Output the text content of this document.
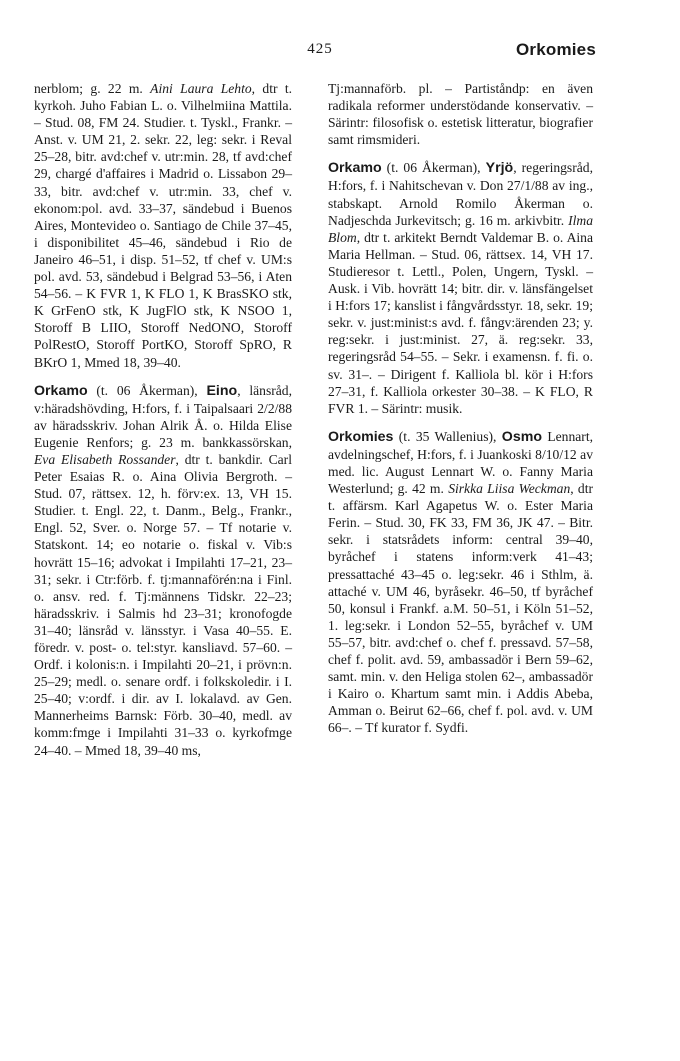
425	Orkomies

nerblom; g. 22 m. Aini Laura Lehto, dtr t. kyrkoh. Juho Fabian L. o. Vilhelmiina Mattila. – Stud. 08, FM 24. Studier. t. Tyskl., Frankr. – Anst. v. UM 21, 2. sekr. 22, leg: sekr. i Reval 25–28, bitr. avd:chef v. utr:min. 28, tf avd:chef 29, chargé d'affaires i Madrid o. Lissabon 29–33, bitr. avd:chef v. utr:min. 33, chef v. ekonom:pol. avd. 33–37, sändebud i Buenos Aires, Montevideo o. Santiago de Chile 37–45, i disponibilitet 45–46, sändebud i Rio de Janeiro 46–51, i disp. 51–52, tf chef v. UM:s pol. avd. 53, sändebud i Belgrad 53–56, i Aten 54–56. – K FVR 1, K FLO 1, K BrasSKO stk, K GrFenO stk, K JugFlO stk, K NSOO 1, Storoff B LIIO, Storoff NedONO, Storoff PolRestO, Storoff PortKO, Storoff SpRO, R BKrO 1, Mmed 18, 39–40.

Orkamo (t. 06 Åkerman), Eino, länsråd, v:häradshövding, H:fors, f. i Taipalsaari 2/2/88 av häradsskriv. Johan Alrik Å. o. Hilda Elise Eugenie Renfors; g. 23 m. bankkassörskan, Eva Elisabeth Rossander, dtr t. bankdir. Carl Peter Esaias R. o. Aina Olivia Bergroth. – Stud. 07, rättsex. 12, h. förv:ex. 13, VH 15. Studier. t. Engl. 22, t. Danm., Belg., Frankr., Engl. 52, Sver. o. Norge 57. – Tf notarie v. Statskont. 14; eo notarie o. fiskal v. Vib:s hovrätt 15–16; advokat i Impilahti 17–21, 23–31; sekr. i Ctr:förb. f. tj:mannaförén:na i Finl. o. ansv. red. f. Tj:männens Tidskr. 22–23; häradsskriv. i Salmis hd 23–31; kronofogde 31–40; länsråd v. länsstyr. i Vasa 40–55. E. föredr. v. post- o. tel:styr. kansliavd. 57–60. – Ordf. i kolonis:n. i Impilahti 20–21, i prövn:n. 25–29; medl. o. senare ordf. i folkskoledir. i I. 25–40; v:ordf. i dir. av I. lokalavd. av Gen. Mannerheims Barnsk: Förb. 30–40, medl. av komm:fmge i Impilahti 31–33 o. kyrkofmge 24–40. – Mmed 18, 39–40 ms,

Tj:mannaförb. pl. – Partiståndp: en även radikala reformer understödande konservativ. – Särintr: filosofisk o. estetisk litteratur, biografier samt rimsmideri.

Orkamo (t. 06 Åkerman), Yrjö, regeringsråd, H:fors, f. i Nahitschevan v. Don 27/1/88 av ing., stabskapt. Arnold Romilo Åkerman o. Nadjeschda Jurkevitsch; g. 16 m. arkivbitr. Ilma Blom, dtr t. arkitekt Berndt Valdemar B. o. Aina Maria Hellman. – Stud. 06, rättsex. 14, VH 17. Studieresor t. Lettl., Polen, Ungern, Tyskl. – Ausk. i Vib. hovrätt 14; bitr. dir. v. länsfängelset i H:fors 17; kanslist i fångvårdsstyr. 18, sekr. 19; sekr. v. just:minist:s avd. f. fångv:ärenden 23; y. reg:sekr. i just:minist. 27, ä. reg:sekr. 33, regeringsråd 54–55. – Sekr. i examensn. f. fi. o. sv. 31–. – Dirigent f. Kalliola bl. kör i H:fors 27–31, f. Kalliola orkester 30–38. – K FLO, R FVR 1. – Särintr: musik.

Orkomies (t. 35 Wallenius), Osmo Lennart, avdelningschef, H:fors, f. i Juankoski 8/10/12 av med. lic. August Lennart W. o. Fanny Maria Westerlund; g. 42 m. Sirkka Liisa Weckman, dtr t. affärsm. Karl Agapetus W. o. Ester Maria Ferin. – Stud. 30, FK 33, FM 36, JK 47. – Bitr. sekr. i statsrådets inform: central 39–40, byråchef i statens inform:verk 41–43; pressattaché 43–45 o. leg:sekr. 46 i Sthlm, ä. attaché v. UM 46, byråsekr. 46–50, tf byråchef 50, konsul i Frankf. a.M. 50–51, i Köln 51–52, 1. leg:sekr. i London 52–55, byråchef v. UM 55–57, bitr. avd:chef o. chef f. pressavd. 57–58, chef f. polit. avd. 59, ambassadör i Bern 59–62, samt. min. v. den Heliga stolen 62–, ambassadör i Kairo o. Khartum samt min. i Addis Abeba, Amman o. Beirut 62–66, chef f. pol. avd. v. UM 66–. – Tf kurator f. Sydfi.
